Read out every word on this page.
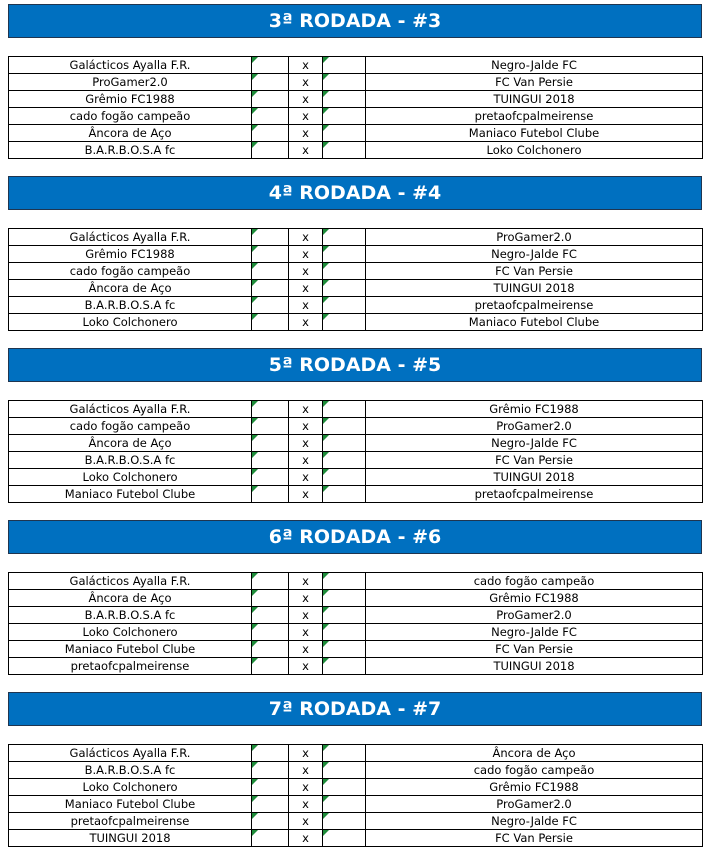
3ª RODADA - #3
Galácticos Ayalla F.R.		x		Negro-Jalde FC
ProGamer2.0		x		FC Van Persie
Grêmio FC1988		x		TUINGUI 2018
cado fogão campeão		x		pretaofcpalmeirense
Âncora de Aço		x		Maniaco Futebol Clube
B.A.R.B.O.S.A fc		x		Loko Colchonero
4ª RODADA - #4
Galácticos Ayalla F.R.		x		ProGamer2.0
Grêmio FC1988		x		Negro-Jalde FC
cado fogão campeão		x		FC Van Persie
Âncora de Aço		x		TUINGUI 2018
B.A.R.B.O.S.A fc		x		pretaofcpalmeirense
Loko Colchonero		x		Maniaco Futebol Clube
5ª RODADA - #5
Galácticos Ayalla F.R.		x		Grêmio FC1988
cado fogão campeão		x		ProGamer2.0
Âncora de Aço		x		Negro-Jalde FC
B.A.R.B.O.S.A fc		x		FC Van Persie
Loko Colchonero		x		TUINGUI 2018
Maniaco Futebol Clube		x		pretaofcpalmeirense
6ª RODADA - #6
Galácticos Ayalla F.R.		x		cado fogão campeão
Âncora de Aço		x		Grêmio FC1988
B.A.R.B.O.S.A fc		x		ProGamer2.0
Loko Colchonero		x		Negro-Jalde FC
Maniaco Futebol Clube		x		FC Van Persie
pretaofcpalmeirense		x		TUINGUI 2018
7ª RODADA - #7
Galácticos Ayalla F.R.		x		Âncora de Aço
B.A.R.B.O.S.A fc		x		cado fogão campeão
Loko Colchonero		x		Grêmio FC1988
Maniaco Futebol Clube		x		ProGamer2.0
pretaofcpalmeirense		x		Negro-Jalde FC
TUINGUI 2018		x		FC Van Persie
